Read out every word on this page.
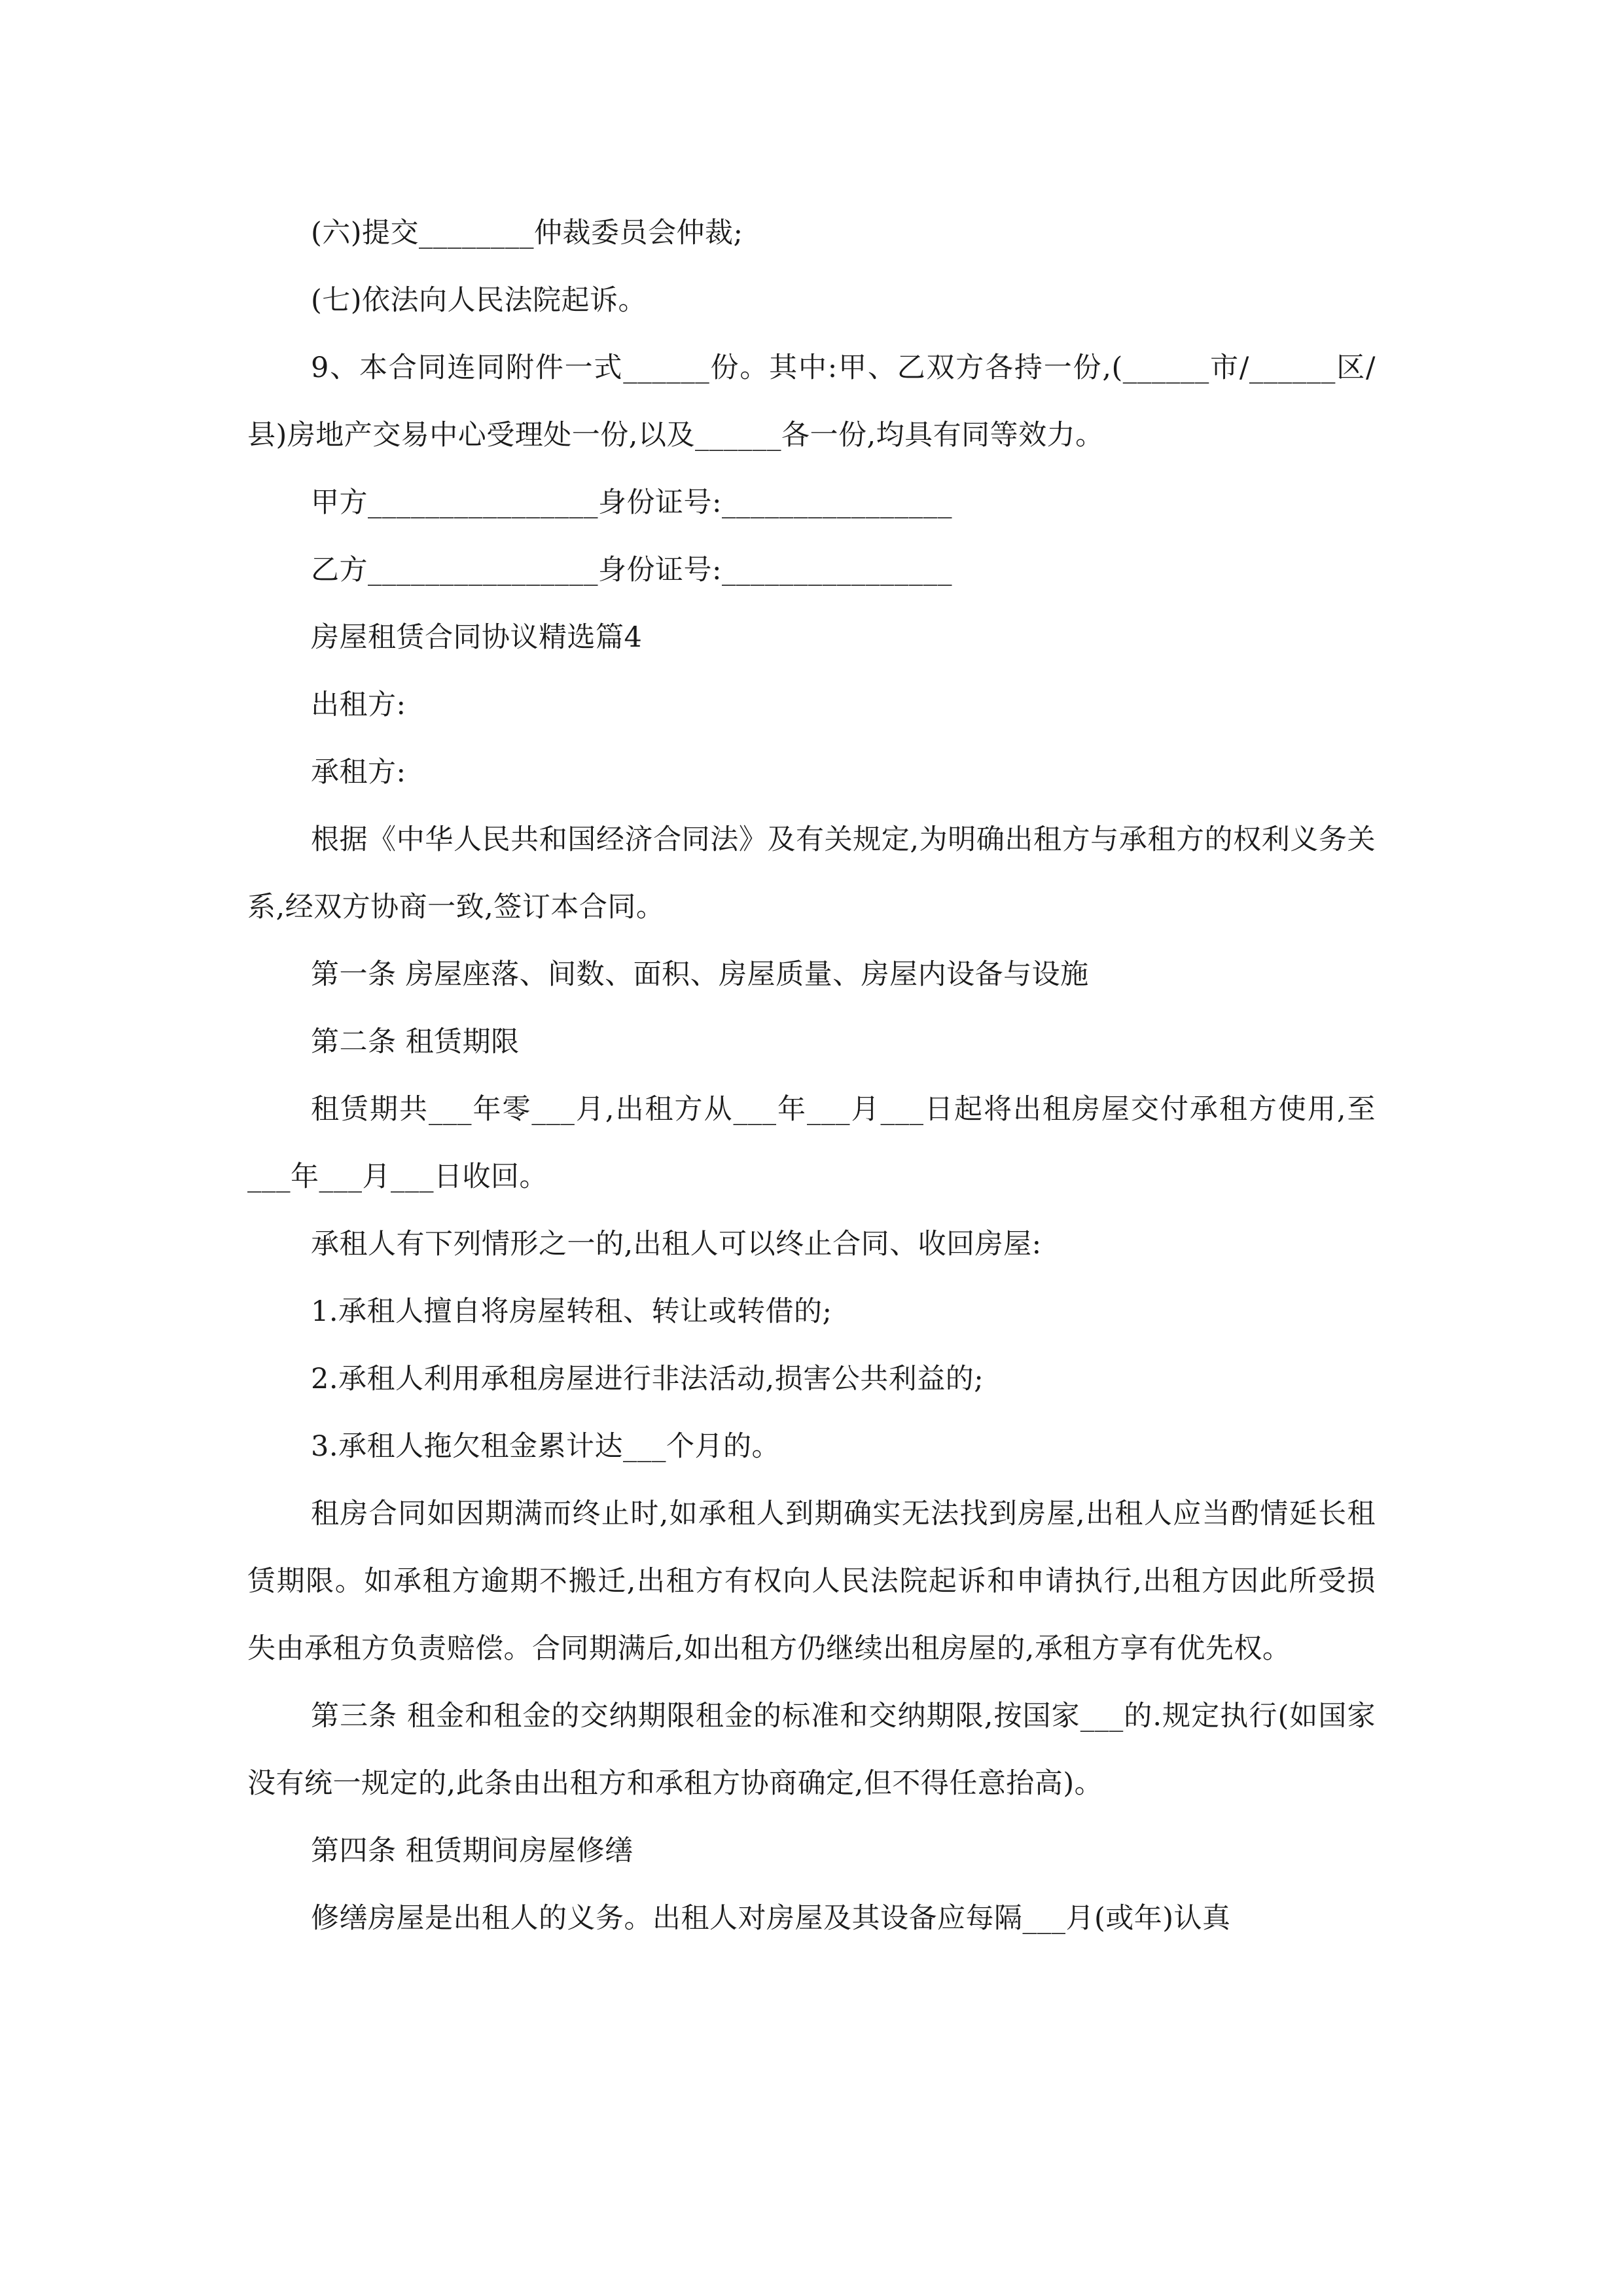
(六)提交________仲裁委员会仲裁;

(七)依法向人民法院起诉。

9、本合同连同附件一式______份。其中:甲、乙双方各持一份,(______市/______区/县)房地产交易中心受理处一份,以及______各一份,均具有同等效力。

甲方________________身份证号:________________

乙方________________身份证号:________________

房屋租赁合同协议精选篇4

出租方:

承租方:

根据《中华人民共和国经济合同法》及有关规定,为明确出租方与承租方的权利义务关系,经双方协商一致,签订本合同。

第一条 房屋座落、间数、面积、房屋质量、房屋内设备与设施

第二条 租赁期限

租赁期共___年零___月,出租方从___年___月___日起将出租房屋交付承租方使用,至___年___月___日收回。

承租人有下列情形之一的,出租人可以终止合同、收回房屋:

1.承租人擅自将房屋转租、转让或转借的;

2.承租人利用承租房屋进行非法活动,损害公共利益的;

3.承租人拖欠租金累计达___个月的。

租房合同如因期满而终止时,如承租人到期确实无法找到房屋,出租人应当酌情延长租赁期限。如承租方逾期不搬迁,出租方有权向人民法院起诉和申请执行,出租方因此所受损失由承租方负责赔偿。合同期满后,如出租方仍继续出租房屋的,承租方享有优先权。

第三条 租金和租金的交纳期限租金的标准和交纳期限,按国家___的.规定执行(如国家没有统一规定的,此条由出租方和承租方协商确定,但不得任意抬高)。

第四条 租赁期间房屋修缮

修缮房屋是出租人的义务。出租人对房屋及其设备应每隔___月(或年)认真
